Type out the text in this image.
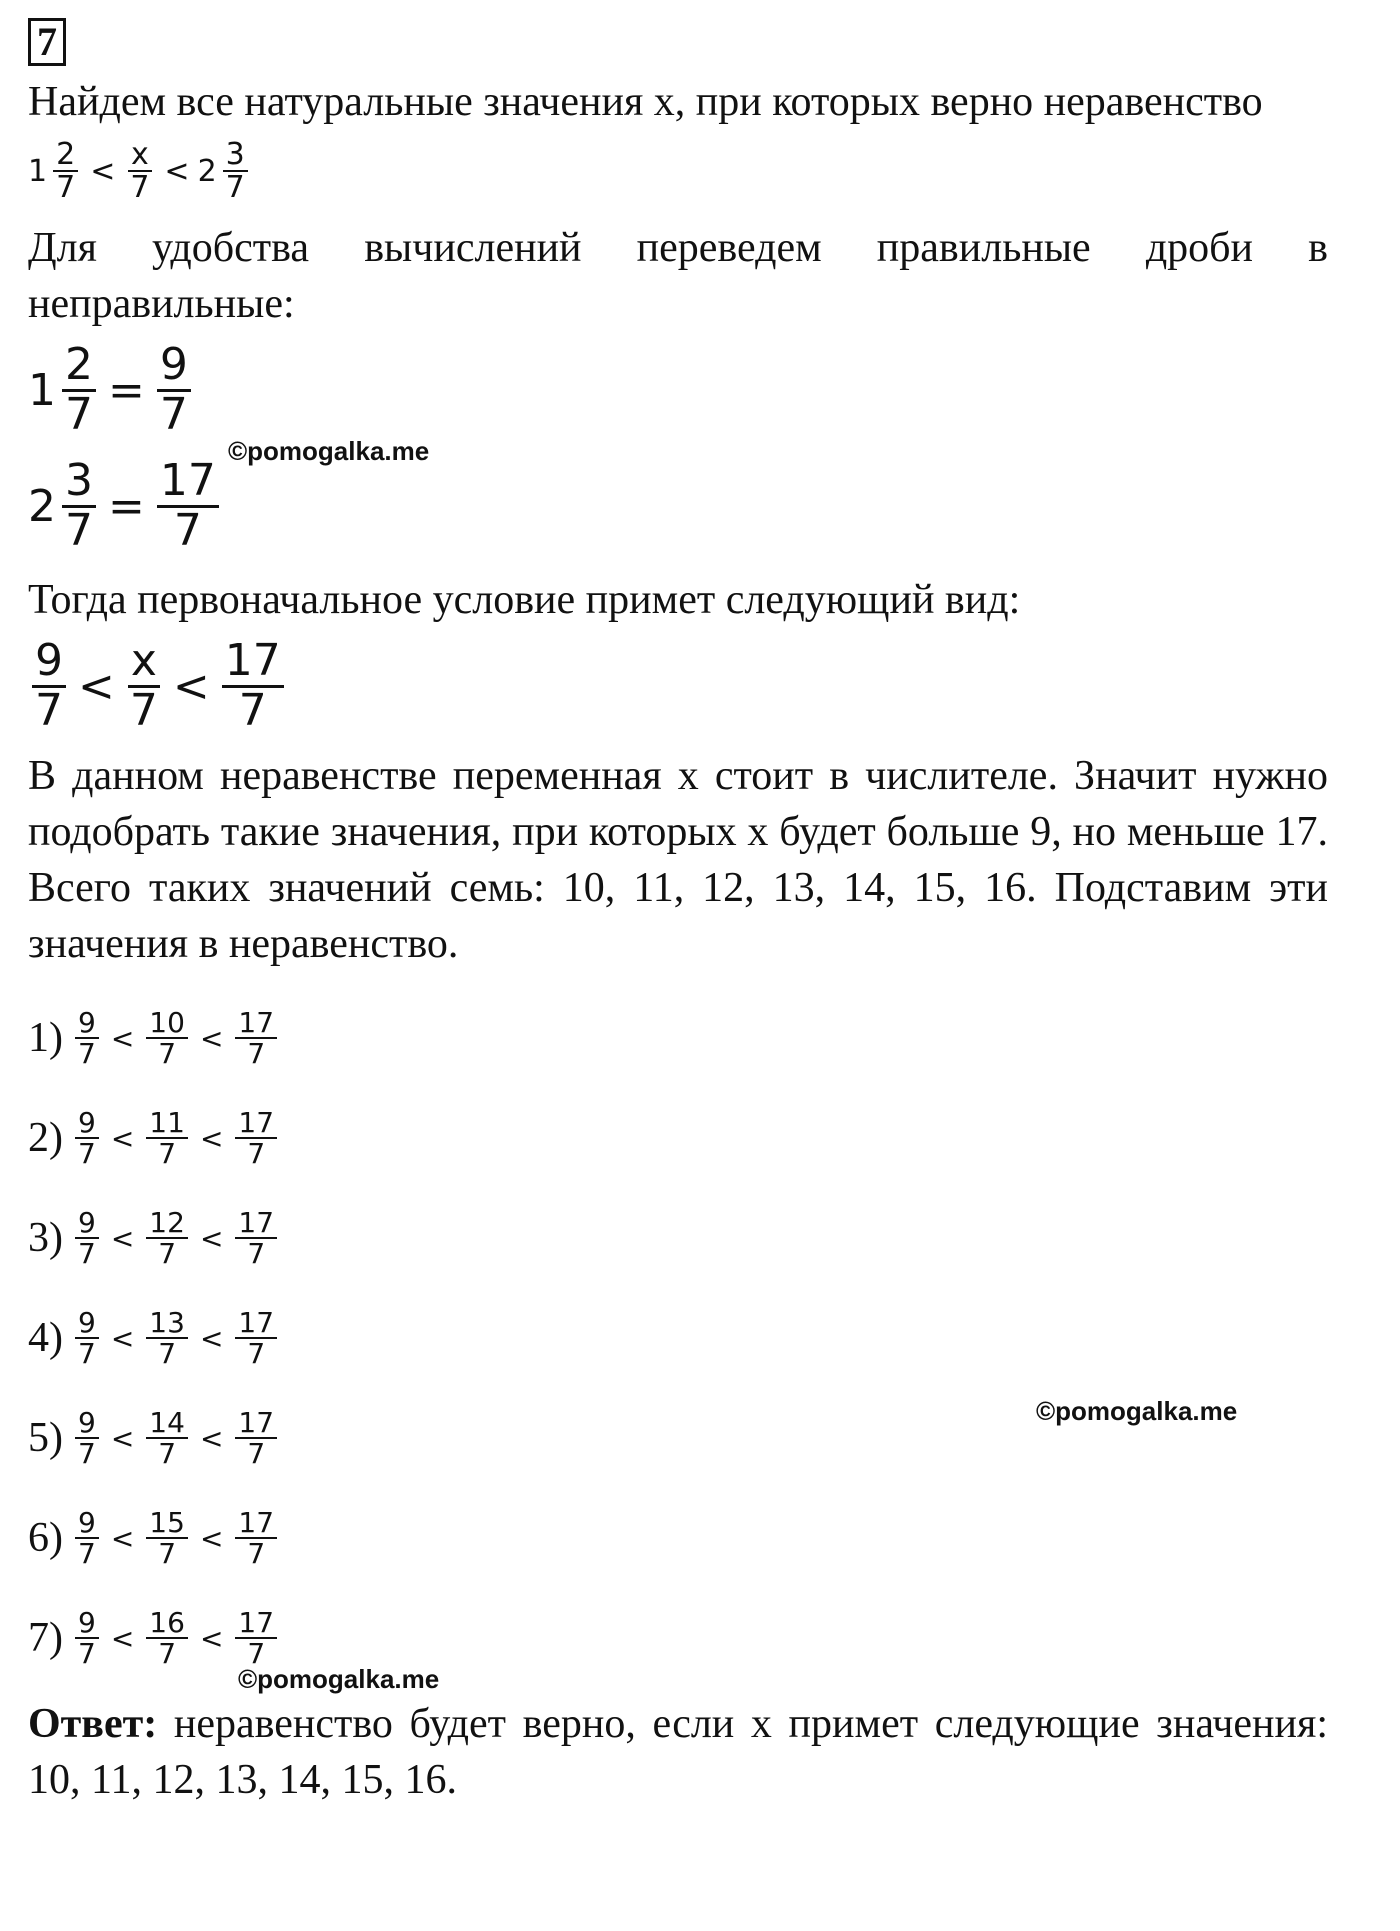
7

Найдем все натуральные значения x, при которых верно неравенство

$1 \frac{2}{7} < \frac{x}{7} < 2 \frac{3}{7}$

Для удобства вычислений переведем правильные дроби в неправильные:

$1 \frac{2}{7} = \frac{9}{7}$
$2 \frac{3}{7} = \frac{17}{7}$

Тогда первоначальное условие примет следующий вид:

$\frac{9}{7} < \frac{x}{7} < \frac{17}{7}$

В данном неравенстве переменная x стоит в числителе. Значит нужно подобрать такие значения, при которых x будет больше 9, но меньше 17. Всего таких значений семь: 10, 11, 12, 13, 14, 15, 16. Подставим эти значения в неравенство.

$1) \frac{9}{7} < \frac{10}{7} < \frac{17}{7}$
$2) \frac{9}{7} < \frac{11}{7} < \frac{17}{7}$
$3) \frac{9}{7} < \frac{12}{7} < \frac{17}{7}$
$4) \frac{9}{7} < \frac{13}{7} < \frac{17}{7}$
$5) \frac{9}{7} < \frac{14}{7} < \frac{17}{7}$
$6) \frac{9}{7} < \frac{15}{7} < \frac{17}{7}$
$7) \frac{9}{7} < \frac{16}{7} < \frac{17}{7}$

Ответ: неравенство будет верно, если x примет следующие значения: 10, 11, 12, 13, 14, 15, 16.

©pomogalka.me
©pomogalka.me
©pomogalka.me
